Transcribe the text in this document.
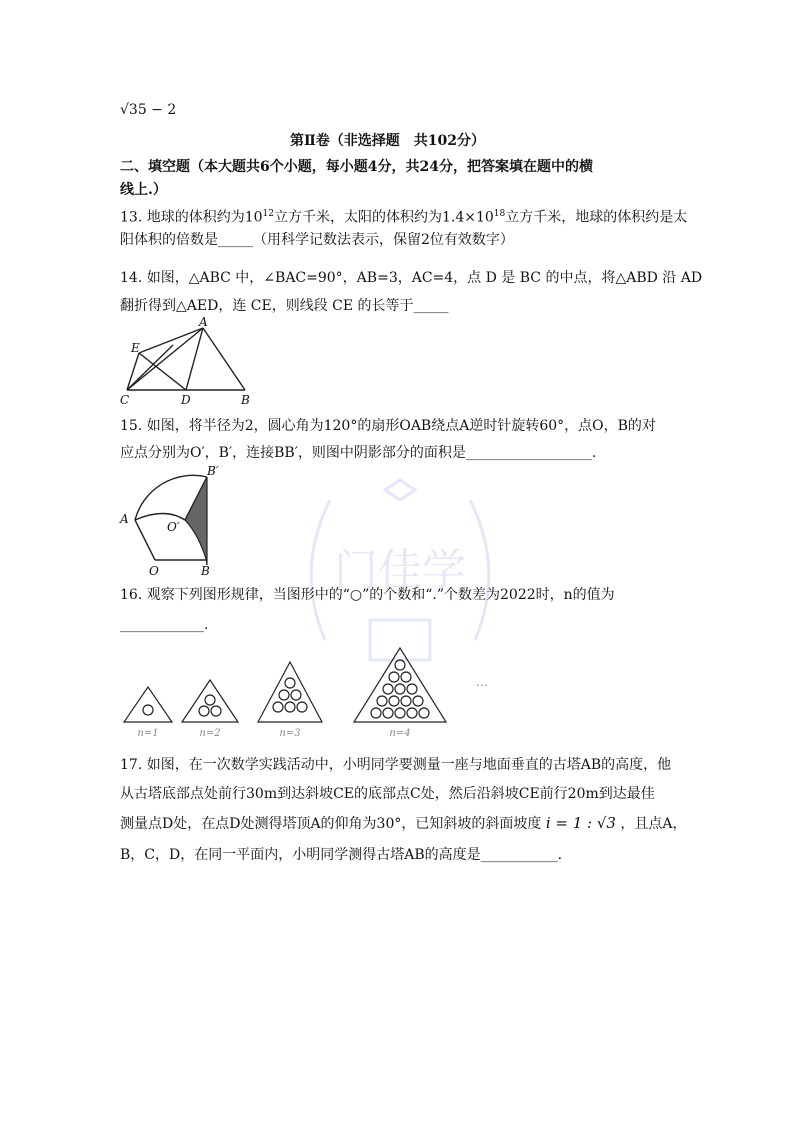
门佳学
√35 − 2
第Ⅱ卷（非选择题　共102分）
二、填空题（本大题共6个小题，每小题4分，共24分，把答案填在题中的横
线上.）
13. 地球的体积约为$10^{12}$立方千米，太阳的体积约为$1.4\times 10^{18}$立方千米，地球的体积约是太
阳体积的倍数是_____（用科学记数法表示，保留2位有效数字）
14. 如图，△ABC 中，∠BAC=90°，AB=3，AC=4，点 D 是 BC 的中点，将△ABD 沿 AD
翻折得到△AED，连 CE，则线段 CE 的长等于_____
A
E
C	D	B
15. 如图，将半径为2，圆心角为120°的扇形OAB绕点A逆时针旋转60°，点O，B的对
应点分别为O′，B′，连接BB′，则图中阴影部分的面积是__________________.
B′
A
O′
O	B
16. 观察下列图形规律，当图形中的“○”的个数和“.”个数差为2022时，n的值为
____________.
n=1	n=2	n=3	n=4
…
17. 如图，在一次数学实践活动中，小明同学要测量一座与地面垂直的古塔AB的高度，他
从古塔底部点处前行30m到达斜坡CE的底部点C处，然后沿斜坡CE前行20m到达最佳
测量点D处，在点D处测得塔顶A的仰角为30°，已知斜坡的斜面坡度 i = 1 : √3 ，且点A，
B，C，D，在同一平面内，小明同学测得古塔AB的高度是___________.
